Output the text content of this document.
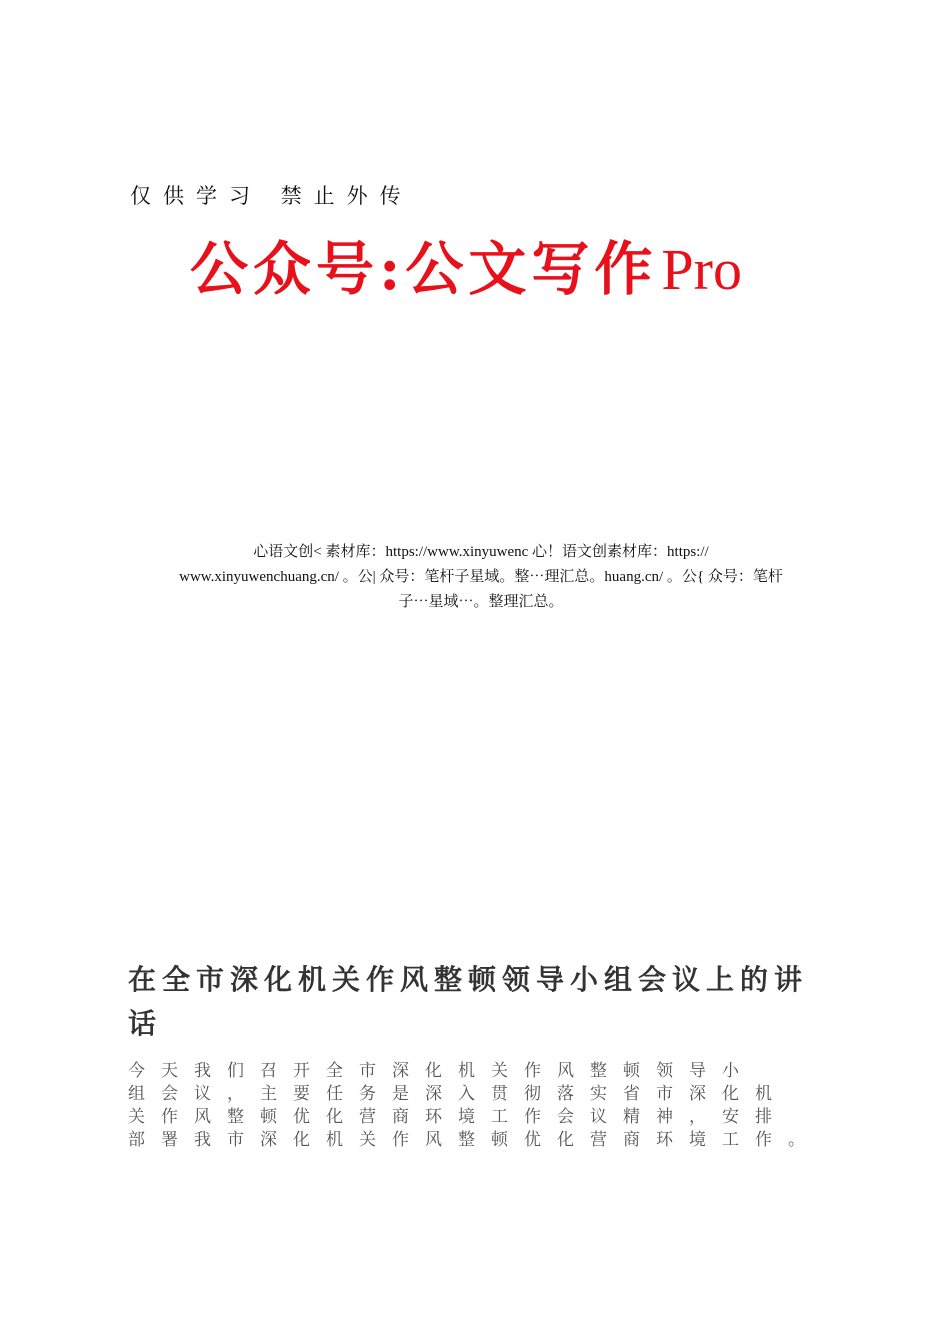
仅供学习 禁止外传
公众号:公文写作Pro
心语文创< 素材库：https://www.xinyuwenc 心！语文创素材库：https://
www.xinyuwenchuang.cn/ 。公| 众号：笔杆子星域。整⋯理汇总。huang.cn/ 。公{ 众号：笔杆
子⋯星域⋯。整理汇总。
在全市深化机关作风整顿领导小组会议上的讲话
今天我们召开全市深化机关作风整顿领导小
组会议，主要任务是深入贯彻落实省市深化机
关作风整顿优化营商环境工作会议精神，安排
部署我市深化机关作风整顿优化营商环境工作。
